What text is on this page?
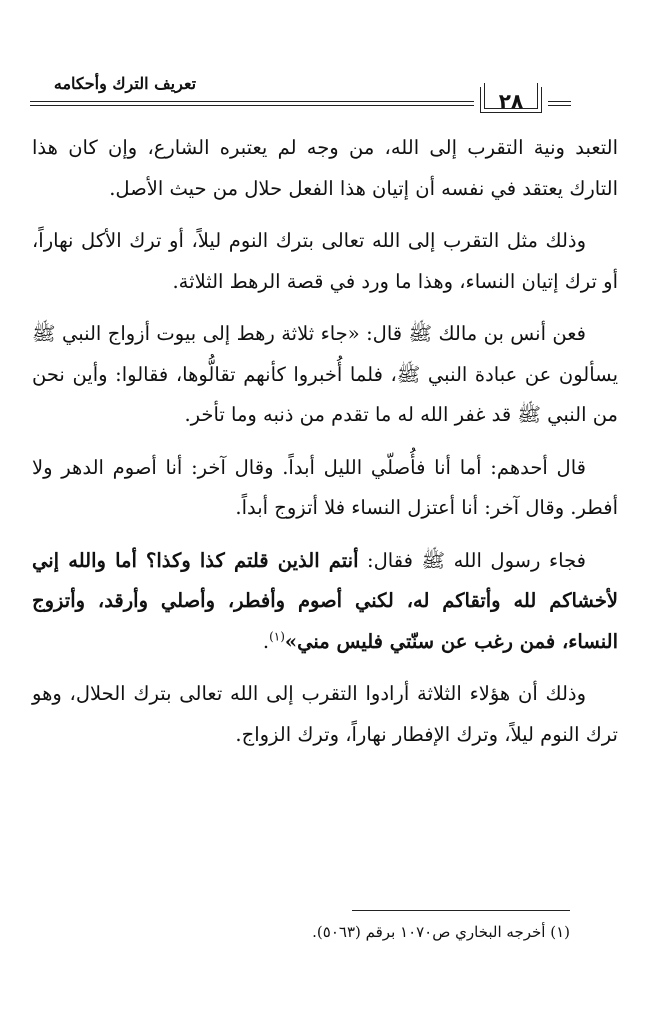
تعريف الترك وأحكامه
٢٨

التعبد ونية التقرب إلى الله، من وجه لم يعتبره الشارع، وإن كان هذا التارك يعتقد في نفسه أن إتيان هذا الفعل حلال من حيث الأصل.

وذلك مثل التقرب إلى الله تعالى بترك النوم ليلاً، أو ترك الأكل نهاراً، أو ترك إتيان النساء، وهذا ما ورد في قصة الرهط الثلاثة.

فعن أنس بن مالك ﷺ قال: «جاء ثلاثة رهط إلى بيوت أزواج النبي ﷺ يسألون عن عبادة النبي ﷺ، فلما أُخبروا كأنهم تقالُّوها، فقالوا: وأين نحن من النبي ﷺ قد غفر الله له ما تقدم من ذنبه وما تأخر.

قال أحدهم: أما أنا فأُصلّي الليل أبداً. وقال آخر: أنا أصوم الدهر ولا أفطر. وقال آخر: أنا أعتزل النساء فلا أتزوج أبداً.

فجاء رسول الله ﷺ فقال: أنتم الذين قلتم كذا وكذا؟ أما والله إني لأخشاكم لله وأتقاكم له، لكني أصوم وأفطر، وأصلي وأرقد، وأتزوج النساء، فمن رغب عن سنّتي فليس مني»$^{(١)}$.

وذلك أن هؤلاء الثلاثة أرادوا التقرب إلى الله تعالى بترك الحلال، وهو ترك النوم ليلاً، وترك الإفطار نهاراً، وترك الزواج.

(١) أخرجه البخاري ص١٠٧٠ برقم (٥٠٦٣).
